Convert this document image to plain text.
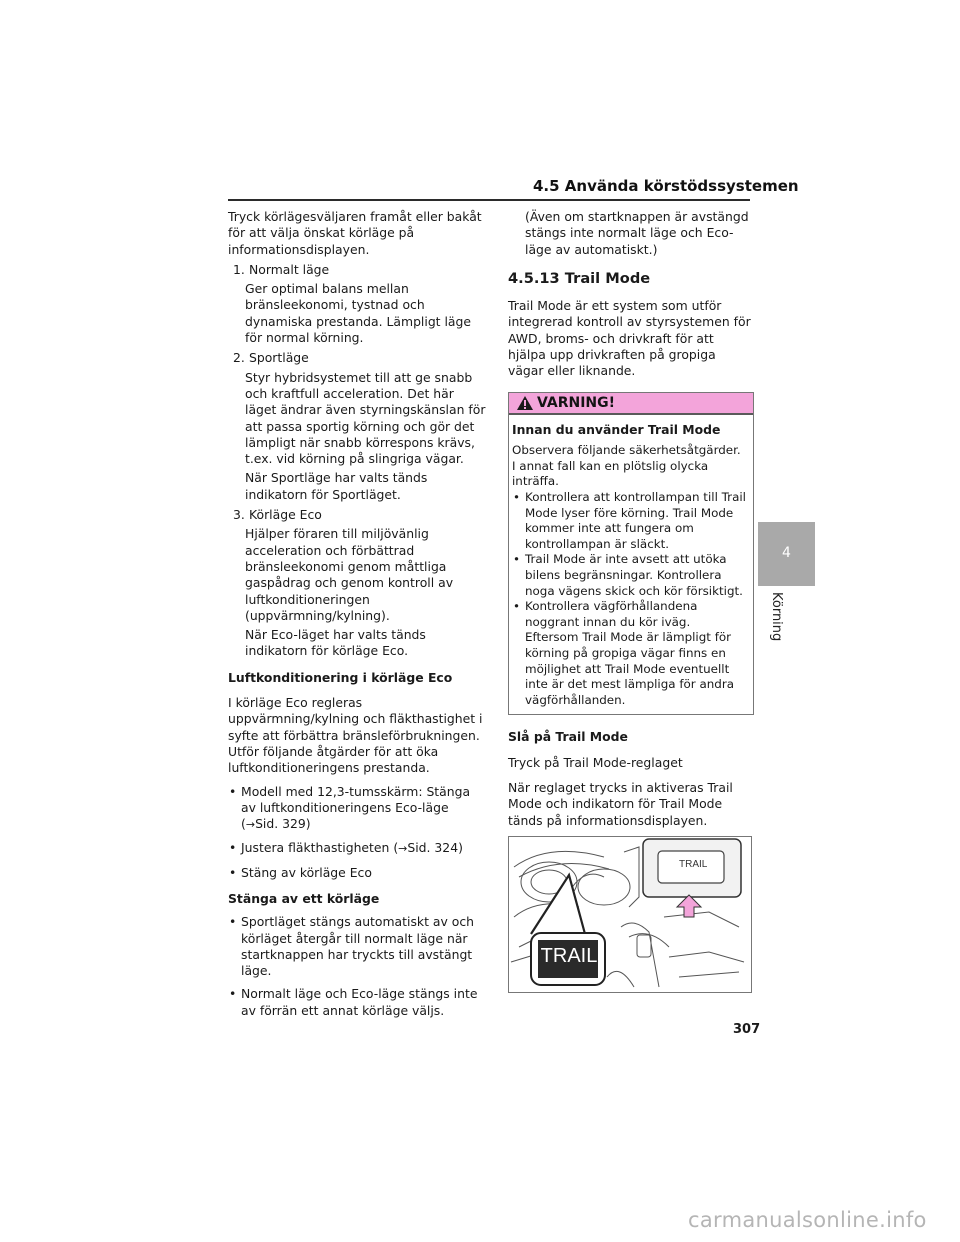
4.5 Använda körstödssystemen

Tryck körlägesväljaren framåt eller bakåt för att välja önskat körläge på informationsdisplayen.

1. Normalt läge

Ger optimal balans mellan bränsleekonomi, tystnad och dynamiska prestanda. Lämpligt läge för normal körning.

2. Sportläge

Styr hybridsystemet till att ge snabb och kraftfull acceleration. Det här läget ändrar även styrningskänslan för att passa sportig körning och gör det lämpligt när snabb körrespons krävs, t.ex. vid körning på slingriga vägar.

När Sportläge har valts tänds indikatorn för Sportläget.

3. Körläge Eco

Hjälper föraren till miljövänlig acceleration och förbättrad bränsleekonomi genom måttliga gaspådrag och genom kontroll av luftkonditioneringen (uppvärmning/kylning).

När Eco-läget har valts tänds indikatorn för körläge Eco.

Luftkonditionering i körläge Eco

I körläge Eco regleras uppvärmning/kylning och fläkthastighet i syfte att förbättra bränsleförbrukningen. Utför följande åtgärder för att öka luftkonditioneringens prestanda.

• Modell med 12,3-tumsskärm: Stänga av luftkonditioneringens Eco-läge (→Sid. 329)
• Justera fläkthastigheten (→Sid. 324)
• Stäng av körläge Eco

Stänga av ett körläge

• Sportläget stängs automatiskt av och körläget återgår till normalt läge när startknappen har tryckts till avstängt läge.
• Normalt läge och Eco-läge stängs inte av förrän ett annat körläge väljs.

(Även om startknappen är avstängd stängs inte normalt läge och Eco-läge av automatiskt.)

4.5.13 Trail Mode

Trail Mode är ett system som utför integrerad kontroll av styrsystemen för AWD, broms- och drivkraft för att hjälpa upp drivkraften på gropiga vägar eller liknande.

VARNING!

Innan du använder Trail Mode

Observera följande säkerhetsåtgärder. I annat fall kan en plötslig olycka inträffa.

• Kontrollera att kontrollampan till Trail Mode lyser före körning. Trail Mode kommer inte att fungera om kontrollampan är släckt.
• Trail Mode är inte avsett att utöka bilens begränsningar. Kontrollera noga vägens skick och kör försiktigt.
• Kontrollera vägförhållandena noggrant innan du kör iväg. Eftersom Trail Mode är lämpligt för körning på gropiga vägar finns en möjlighet att Trail Mode eventuellt inte är det mest lämpliga för andra vägförhållanden.

Slå på Trail Mode

Tryck på Trail Mode-reglaget

När reglaget trycks in aktiveras Trail Mode och indikatorn för Trail Mode tänds på informationsdisplayen.

TRAIL
TRAIL
307
4
Körning
carmanualsonline.info
